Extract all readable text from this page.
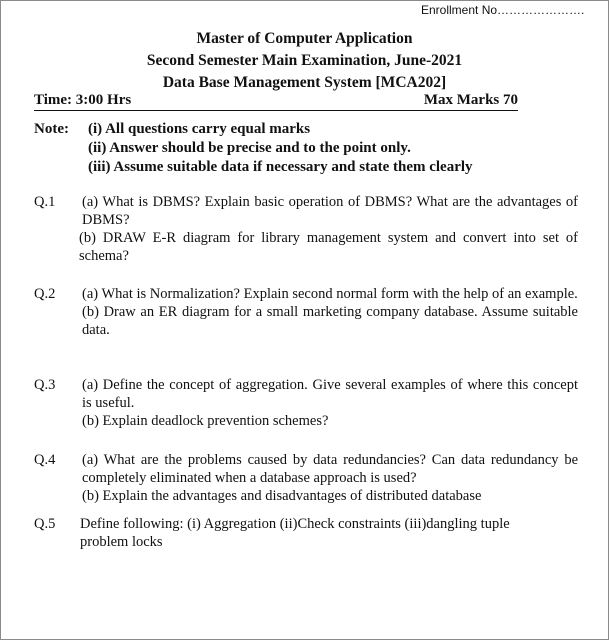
Enrollment No………………….
Master of Computer Application
Second Semester Main Examination, June-2021
Data Base Management System [MCA202]
Time: 3:00 Hrs	Max Marks 70
Note: (i) All questions carry equal marks
(ii) Answer should be precise and to the point only.
(iii) Assume suitable data if necessary and state them clearly
Q.1 (a) What is DBMS? Explain basic operation of DBMS? What are the advantages of DBMS?

(b) DRAW E-R diagram for library management system and convert into set of schema?

Q.2 (a) What is Normalization? Explain second normal form with the help of an example.

(b) Draw an ER diagram for a small marketing company database. Assume suitable data.

Q.3 (a) Define the concept of aggregation. Give several examples of where this concept is useful.

(b) Explain deadlock prevention schemes?

Q.4 (a) What are the problems caused by data redundancies? Can data redundancy be completely eliminated when a database approach is used?

(b) Explain the advantages and disadvantages of distributed database

Q.5 Define following: (i) Aggregation (ii)Check constraints (iii)dangling tuple problem locks
